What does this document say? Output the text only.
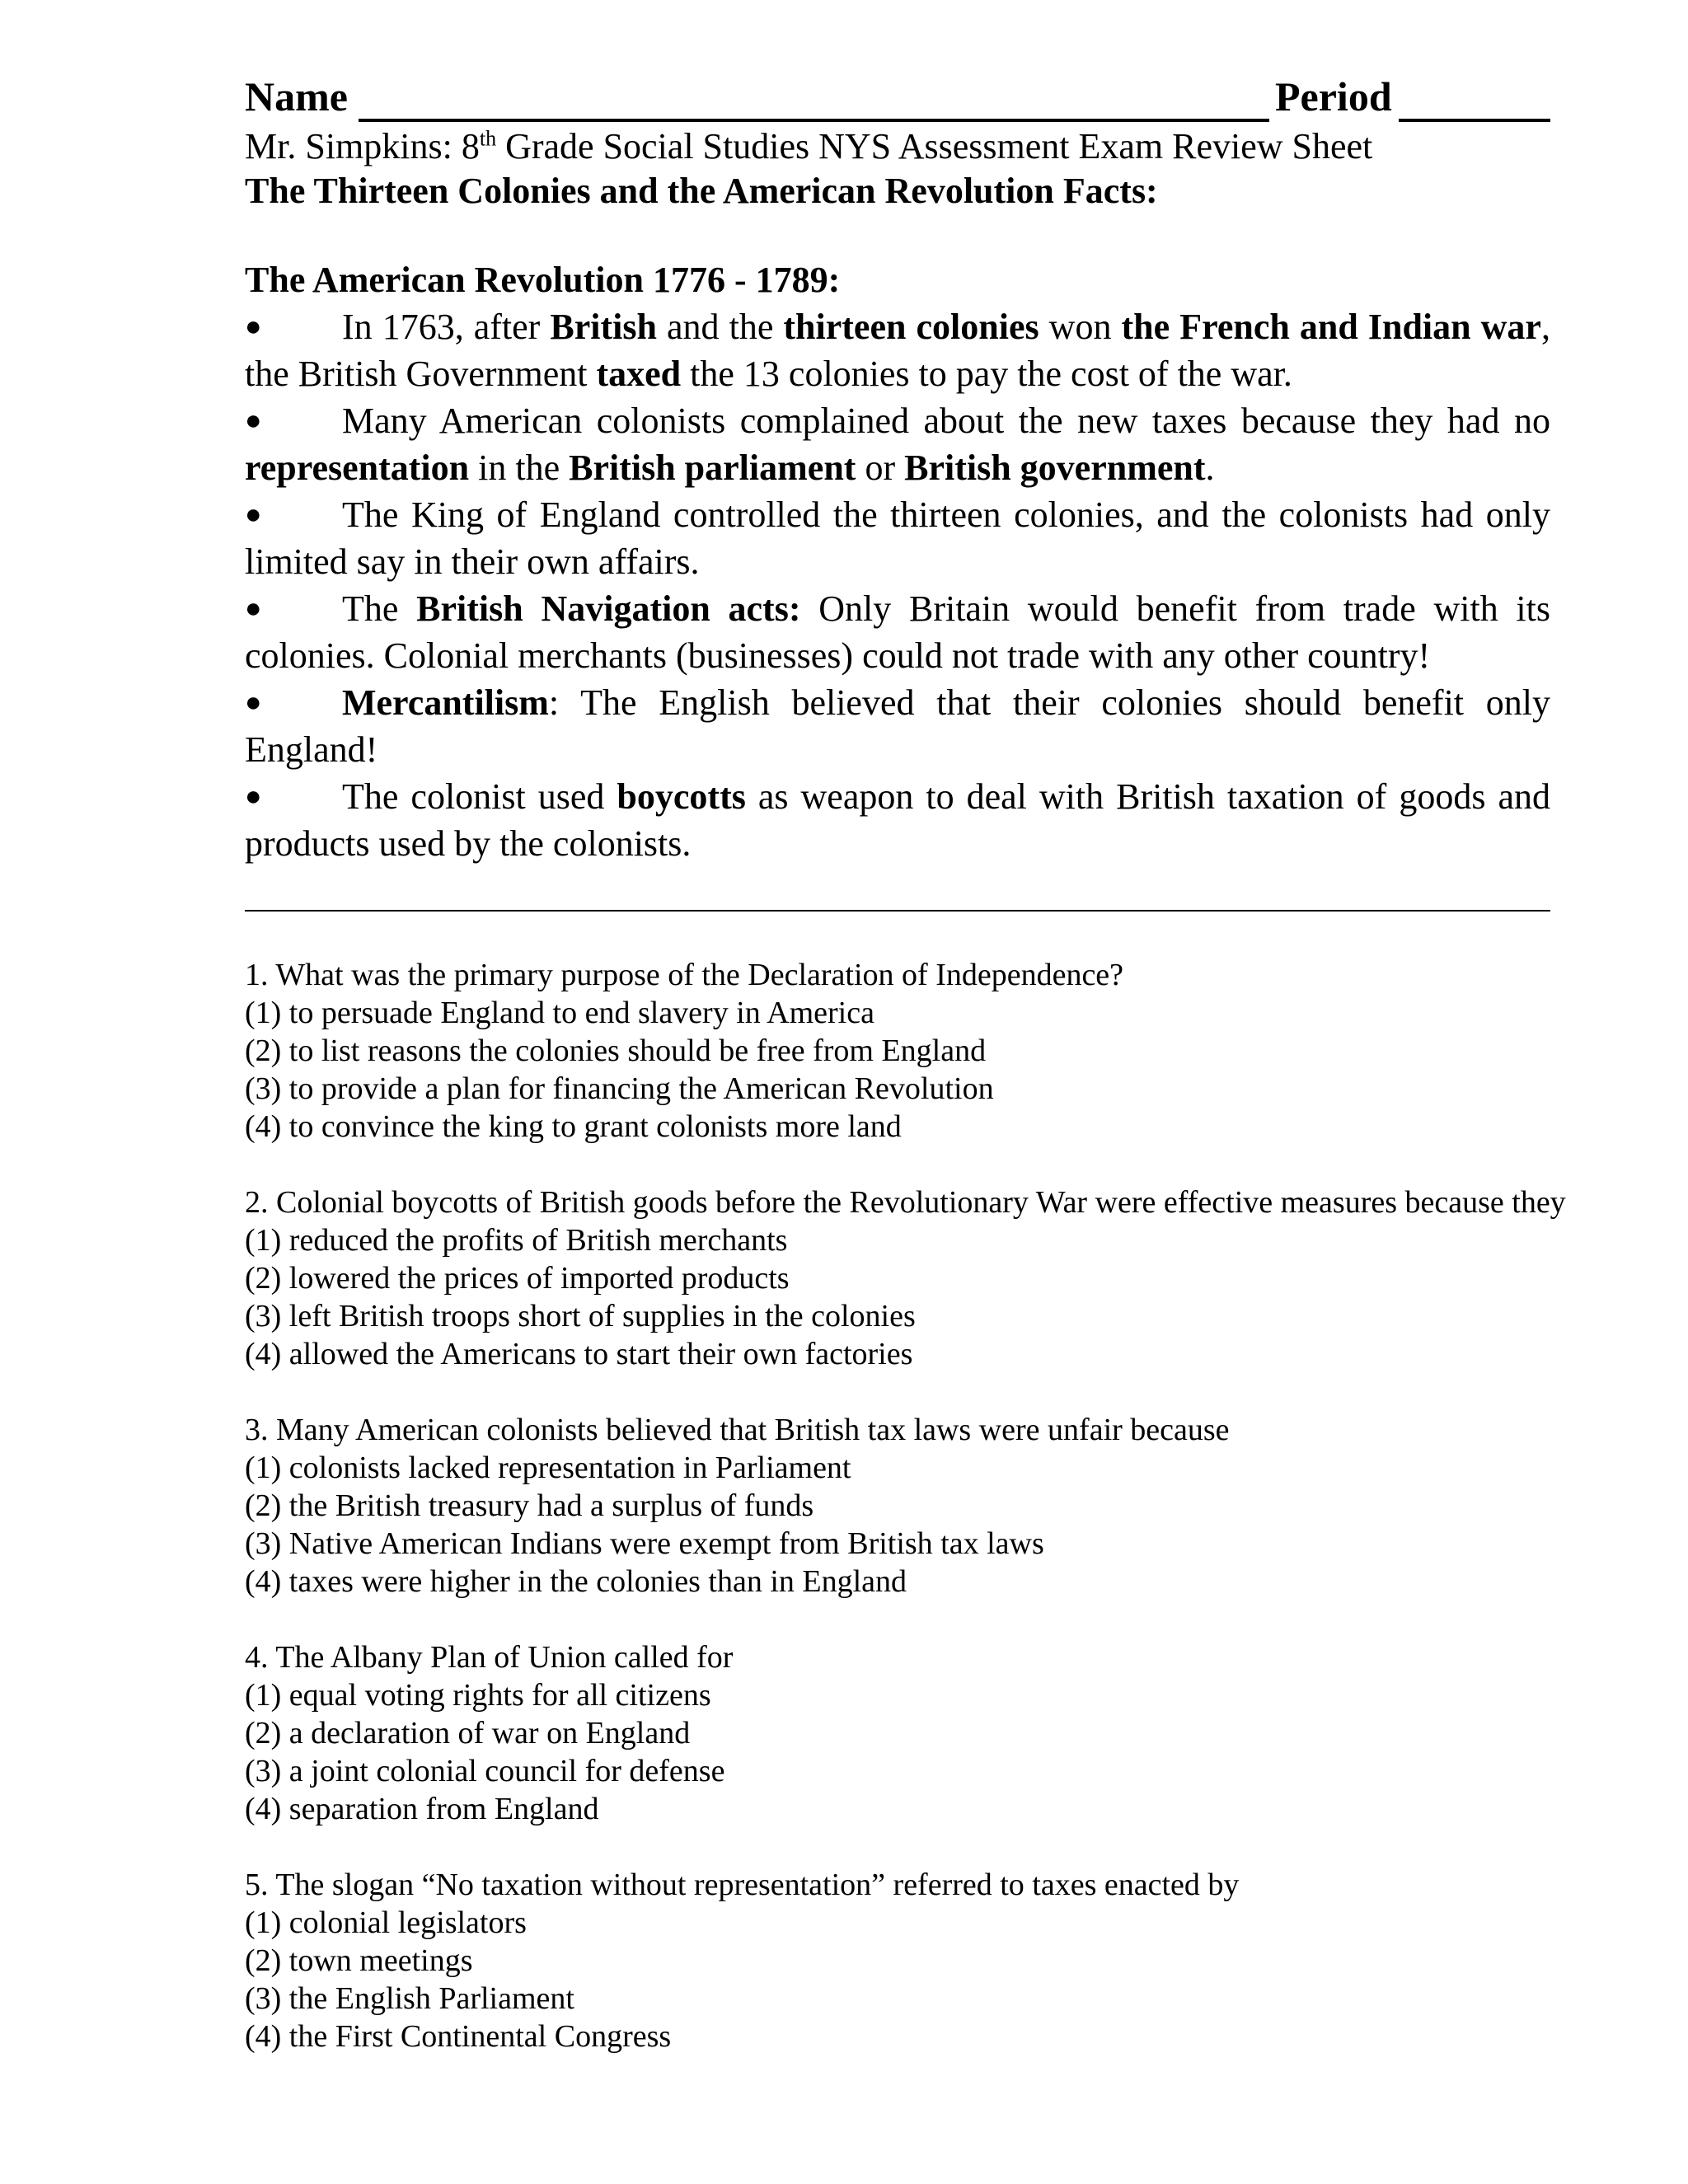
Name	Period
Mr. Simpkins: 8th Grade Social Studies NYS Assessment Exam Review Sheet
The Thirteen Colonies and the American Revolution Facts:
The American Revolution 1776 - 1789:

● In 1763, after British and the thirteen colonies won the French and Indian war, the British Government taxed the 13 colonies to pay the cost of the war.

● Many American colonists complained about the new taxes because they had no representation in the British parliament or British government.

● The King of England controlled the thirteen colonies, and the colonists had only limited say in their own affairs.

● The British Navigation acts: Only Britain would benefit from trade with its colonies. Colonial merchants (businesses) could not trade with any other country!

● Mercantilism: The English believed that their colonies should benefit only England!

● The colonist used boycotts as weapon to deal with British taxation of goods and products used by the colonists.

1. What was the primary purpose of the Declaration of Independence?

(1) to persuade England to end slavery in America

(2) to list reasons the colonies should be free from England

(3) to provide a plan for financing the American Revolution

(4) to convince the king to grant colonists more land

2. Colonial boycotts of British goods before the Revolutionary War were effective measures because they

(1) reduced the profits of British merchants

(2) lowered the prices of imported products

(3) left British troops short of supplies in the colonies

(4) allowed the Americans to start their own factories

3. Many American colonists believed that British tax laws were unfair because

(1) colonists lacked representation in Parliament

(2) the British treasury had a surplus of funds

(3) Native American Indians were exempt from British tax laws

(4) taxes were higher in the colonies than in England

4. The Albany Plan of Union called for

(1) equal voting rights for all citizens

(2) a declaration of war on England

(3) a joint colonial council for defense

(4) separation from England

5. The slogan “No taxation without representation” referred to taxes enacted by

(1) colonial legislators

(2) town meetings

(3) the English Parliament

(4) the First Continental Congress
